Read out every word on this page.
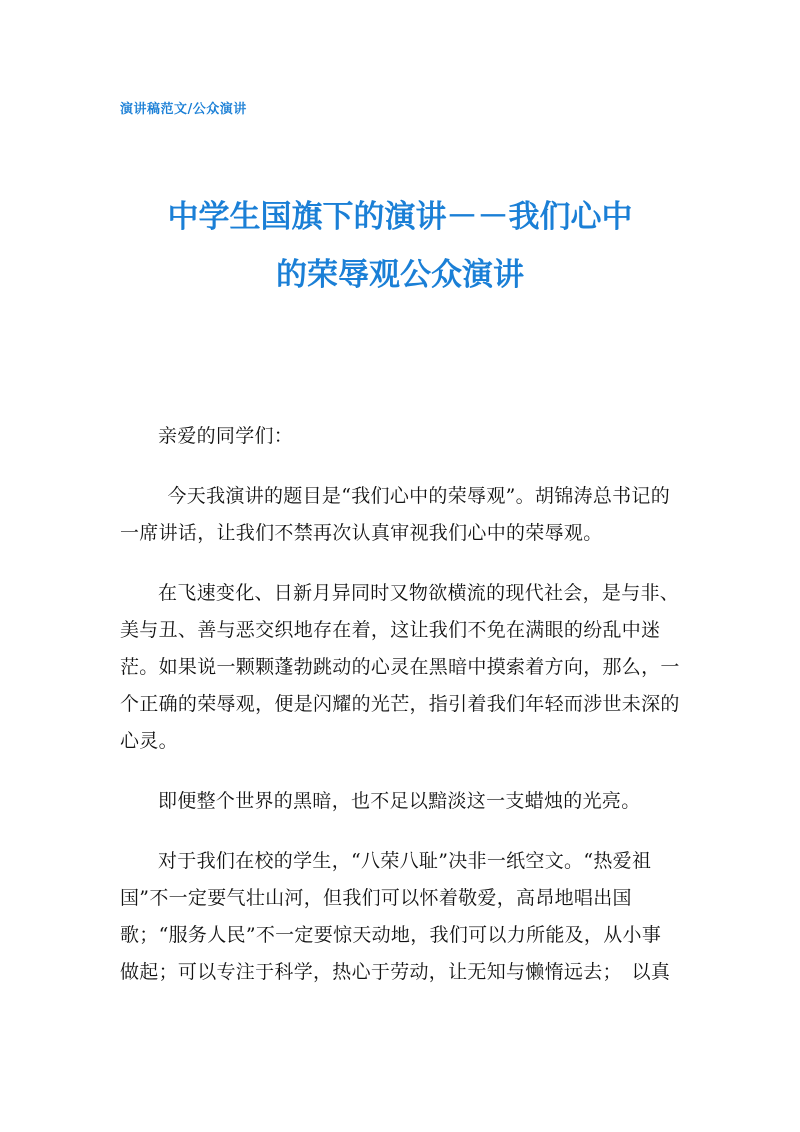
演讲稿范文/公众演讲
中学生国旗下的演讲－－我们心中
的荣辱观公众演讲

亲爱的同学们：

今天我演讲的题目是“我们心中的荣辱观”。胡锦涛总书记的一席讲话，让我们不禁再次认真审视我们心中的荣辱观。

在飞速变化、日新月异同时又物欲横流的现代社会，是与非、美与丑、善与恶交织地存在着，这让我们不免在满眼的纷乱中迷茫。如果说一颗颗蓬勃跳动的心灵在黑暗中摸索着方向，那么，一个正确的荣辱观，便是闪耀的光芒，指引着我们年轻而涉世未深的心灵。

即便整个世界的黑暗，也不足以黯淡这一支蜡烛的光亮。

对于我们在校的学生，“八荣八耻”决非一纸空文。“热爱祖国”不一定要气壮山河，但我们可以怀着敬爱，高昂地唱出国歌；“服务人民”不一定要惊天动地，我们可以力所能及，从小事做起；可以专注于科学，热心于劳动，让无知与懒惰远去；　以真
